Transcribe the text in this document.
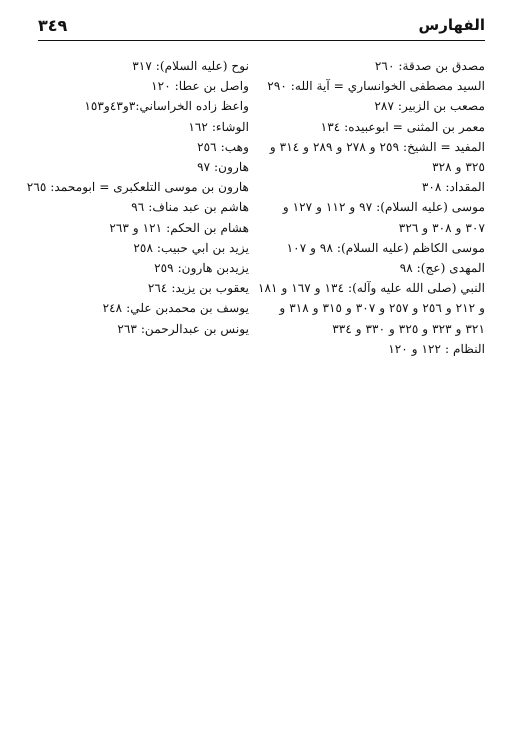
٣٤٩	الفهارس
مصدق بن صدقة: ٢٦٠
السيد مصطفى الخوانساري = آية الله: ٢٩٠
مصعب بن الزبير: ٢٨٧
معمر بن المثنى = ابوعبيده: ١٣٤
المفيد = الشيخ: ٢٥٩ و ٢٧٨ و ٢٨٩ و ٣١٤ و
٣٢٥ و ٣٢٨
المقداد: ٣٠٨
موسى (عليه السلام): ٩٧ و ١١٢ و ١٢٧ و
٣٠٧ و ٣٠٨ و ٣٢٦
موسى الكاظم (عليه السلام): ٩٨ و ١٠٧
المهدى (عج): ٩٨
النبي (صلى الله عليه وآله): ١٣٤ و ١٦٧ و ١٨١
و ٢١٢ و ٢٥٦ و ٢٥٧ و ٣٠٧ و ٣١٥ و ٣١٨ و
٣٢١ و ٣٢٣ و ٣٢٥ و ٣٣٠ و ٣٣٤
النظام : ١٢٢ و ١٢٠
نوح (عليه السلام): ٣١٧
واصل بن عطا: ١٢٠
واعظ زاده الخراساني:٣و٤٣و١٥٣
الوشاء: ١٦٢
وهب: ٢٥٦
هارون: ٩٧
هارون بن موسى التلعكبرى = ابومحمد: ٢٦٥
هاشم بن عبد مناف: ٩٦
هشام بن الحكم: ١٢١ و ٢٦٣
يزيد بن ابي حبيب: ٢٥٨
يزيدبن هارون: ٢٥٩
يعقوب بن يزيد: ٢٦٤
يوسف بن محمدبن علي: ٢٤٨
يونس بن عبدالرحمن: ٢٦٣
